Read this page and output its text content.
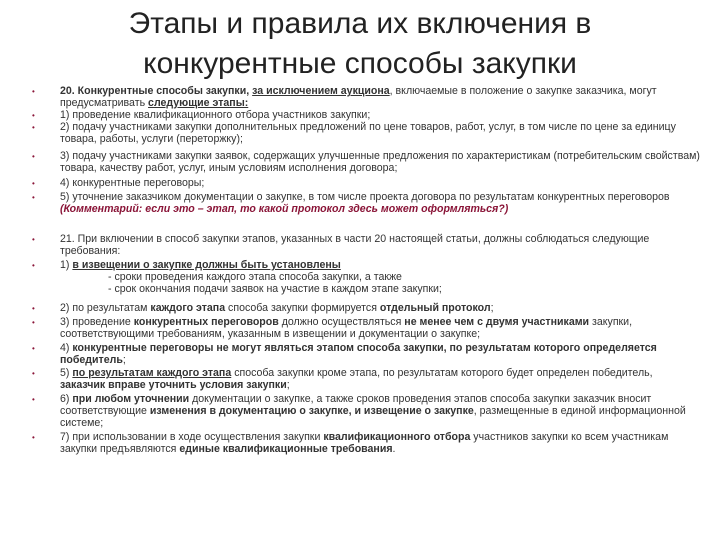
Этапы и правила их включения в
конкурентные способы закупки
• 20. Конкурентные способы закупки, за исключением аукциона, включаемые в положение о закупке заказчика, могут предусматривать следующие этапы:
• 1) проведение квалификационного отбора участников закупки;
• 2) подачу участниками закупки дополнительных предложений по цене товаров, работ, услуг, в том числе по цене за единицу товара, работы, услуги (переторжку);
• 3) подачу участниками закупки заявок, содержащих улучшенные предложения по характеристикам (потребительским свойствам) товара, качеству работ, услуг, иным условиям исполнения договора;
• 4) конкурентные переговоры;
• 5) уточнение заказчиком документации о закупке, в том числе проекта договора по результатам конкурентных переговоров (Комментарий: если это – этап, то какой протокол здесь может оформляться?)
• 21. При включении в способ закупки этапов, указанных в части 20 настоящей статьи, должны соблюдаться следующие требования:
• 1) в извещении о закупке должны быть установлены
- сроки проведения каждого этапа способа закупки, а также
- срок окончания подачи заявок на участие в каждом этапе закупки;
• 2) по результатам каждого этапа способа закупки формируется отдельный протокол;
• 3) проведение конкурентных переговоров должно осуществляться не менее чем с двумя участниками закупки, соответствующими требованиям, указанным в извещении и документации о закупке;
• 4) конкурентные переговоры не могут являться этапом способа закупки, по результатам которого определяется победитель;
• 5) по результатам каждого этапа способа закупки кроме этапа, по результатам которого будет определен победитель, заказчик вправе уточнить условия закупки;
• 6) при любом уточнении документации о закупке, а также сроков проведения этапов способа закупки заказчик вносит соответствующие изменения в документацию о закупке, и извещение о закупке, размещенные в единой информационной системе;
• 7) при использовании в ходе осуществления закупки квалификационного отбора участников закупки ко всем участникам закупки предъявляются единые квалификационные требования.
